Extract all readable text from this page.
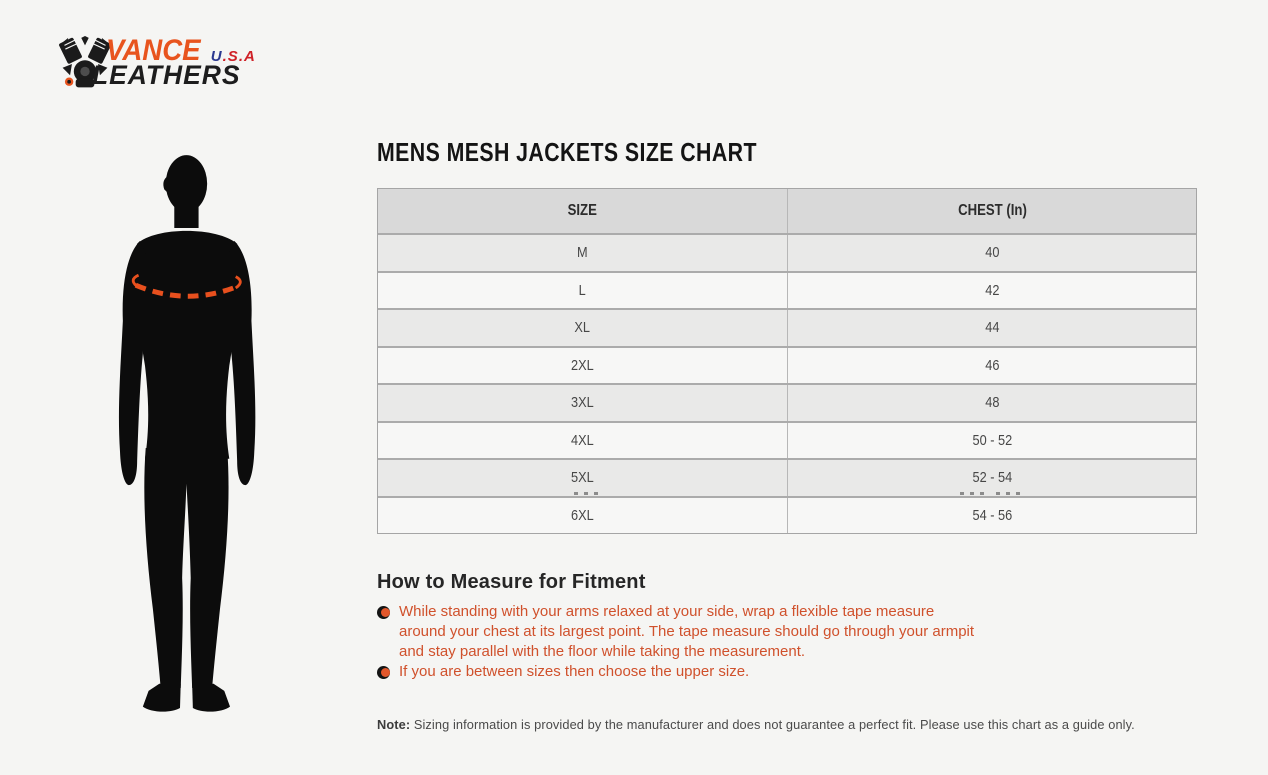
VANCE U.S.A
LEATHERS
MENS MESH JACKETS SIZE CHART
SIZE	CHEST (In)
M	40
L	42
XL	44
2XL	46
3XL	48
4XL	50 - 52
5XL	52 - 54
6XL	54 - 56
How to Measure for Fitment
While standing with your arms relaxed at your side, wrap a flexible tape measure around your chest at its largest point. The tape measure should go through your armpit and stay parallel with the floor while taking the measurement.
If you are between sizes then choose the upper size.
Note: Sizing information is provided by the manufacturer and does not guarantee a perfect fit. Please use this chart as a guide only.
